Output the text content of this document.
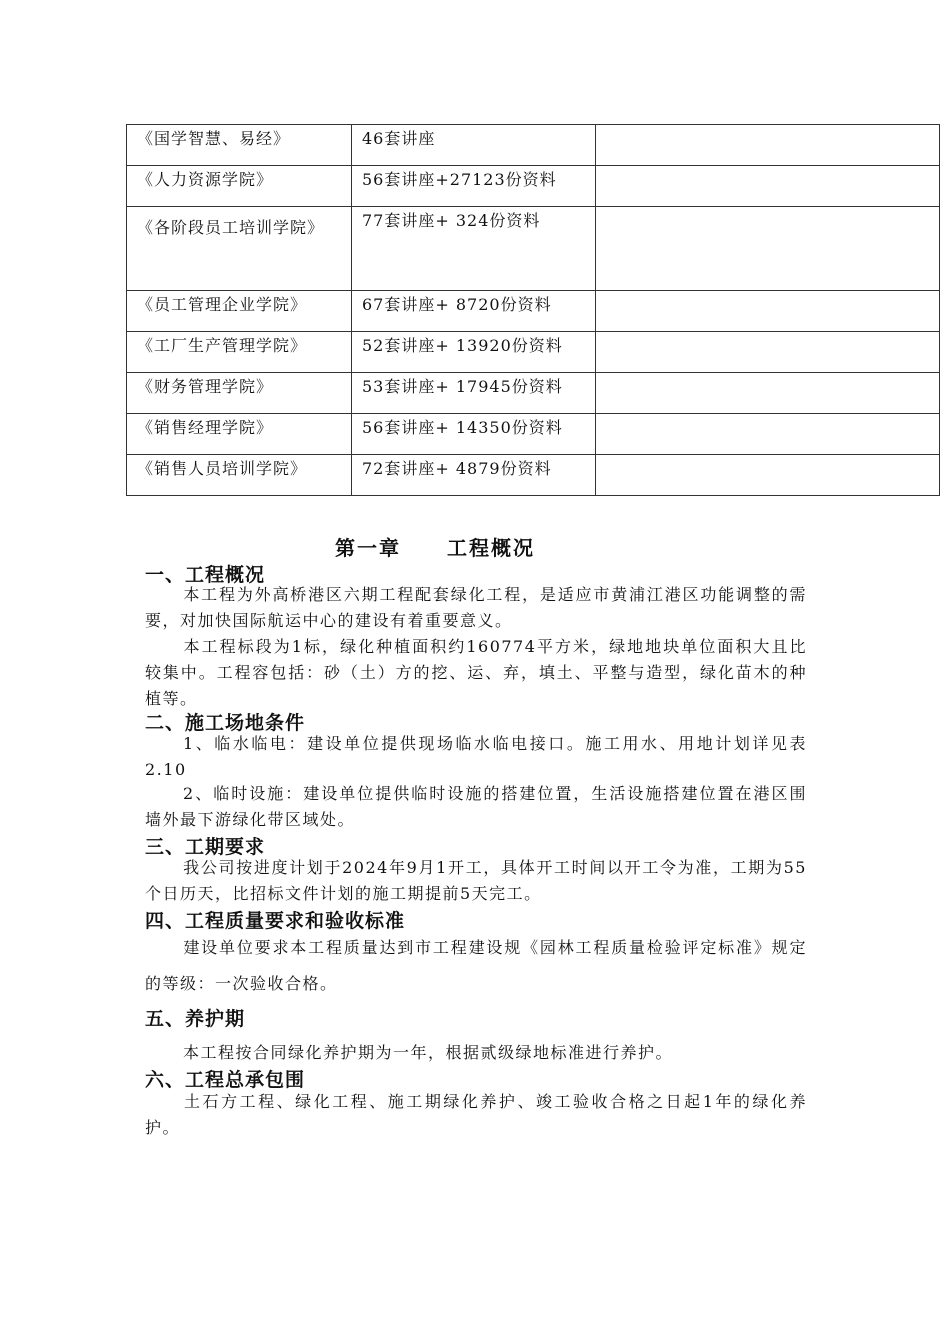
《国学智慧、易经》	46套讲座	
《人力资源学院》	56套讲座+27123份资料	
《各阶段员工培训学院》	77套讲座+ 324份资料	
《员工管理企业学院》	67套讲座+ 8720份资料	
《工厂生产管理学院》	52套讲座+ 13920份资料	
《财务管理学院》	53套讲座+ 17945份资料	
《销售经理学院》	56套讲座+ 14350份资料	
《销售人员培训学院》	72套讲座+ 4879份资料	
第一章 工程概况
一、工程概况
本工程为外高桥港区六期工程配套绿化工程，是适应市黄浦江港区功能调整的需要，对加快国际航运中心的建设有着重要意义。
本工程标段为1标，绿化种植面积约160774平方米，绿地地块单位面积大且比较集中。工程容包括：砂（土）方的挖、运、弃，填土、平整与造型，绿化苗木的种植等。
二、施工场地条件
1、临水临电：建设单位提供现场临水临电接口。施工用水、用地计划详见表2.10
2、临时设施：建设单位提供临时设施的搭建位置，生活设施搭建位置在港区围墙外最下游绿化带区域处。
三、工期要求
我公司按进度计划于2024年9月1开工，具体开工时间以开工令为准，工期为55个日历天，比招标文件计划的施工期提前5天完工。
四、工程质量要求和验收标准
建设单位要求本工程质量达到市工程建设规《园林工程质量检验评定标准》规定的等级：一次验收合格。
五、养护期
本工程按合同绿化养护期为一年，根据贰级绿地标准进行养护。
六、工程总承包围
土石方工程、绿化工程、施工期绿化养护、竣工验收合格之日起1年的绿化养护。
